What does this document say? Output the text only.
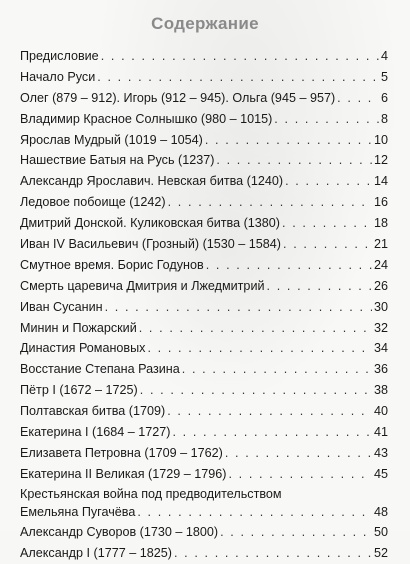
Содержание
Предисловие . . .	4
Начало Руси . . .	5
Олег (879 – 912). Игорь (912 – 945). Ольга (945 – 957) . . .	6
Владимир Красное Солнышко (980 – 1015) . . .	8
Ярослав Мудрый (1019 – 1054) . . .	10
Нашествие Батыя на Русь (1237) . . .	12
Александр Ярославич. Невская битва (1240) . . .	14
Ледовое побоище (1242) . . .	16
Дмитрий Донской. Куликовская битва (1380) . . .	18
Иван IV Васильевич (Грозный) (1530 – 1584) . . .	21
Смутное время. Борис Годунов . . .	24
Смерть царевича Дмитрия и Лжедмитрий . . .	26
Иван Сусанин . . .	30
Минин и Пожарский . . .	32
Династия Романовых . . .	34
Восстание Степана Разина . . .	36
Пётр I (1672 – 1725) . . .	38
Полтавская битва (1709) . . .	40
Екатерина I (1684 – 1727) . . .	41
Елизавета Петровна (1709 – 1762) . . .	43
Екатерина II Великая (1729 – 1796) . . .	45
Крестьянская война под предводительством
Емельяна Пугачёва . . .	48
Александр Суворов (1730 – 1800) . . .	50
Александр I (1777 – 1825) . . .	52
